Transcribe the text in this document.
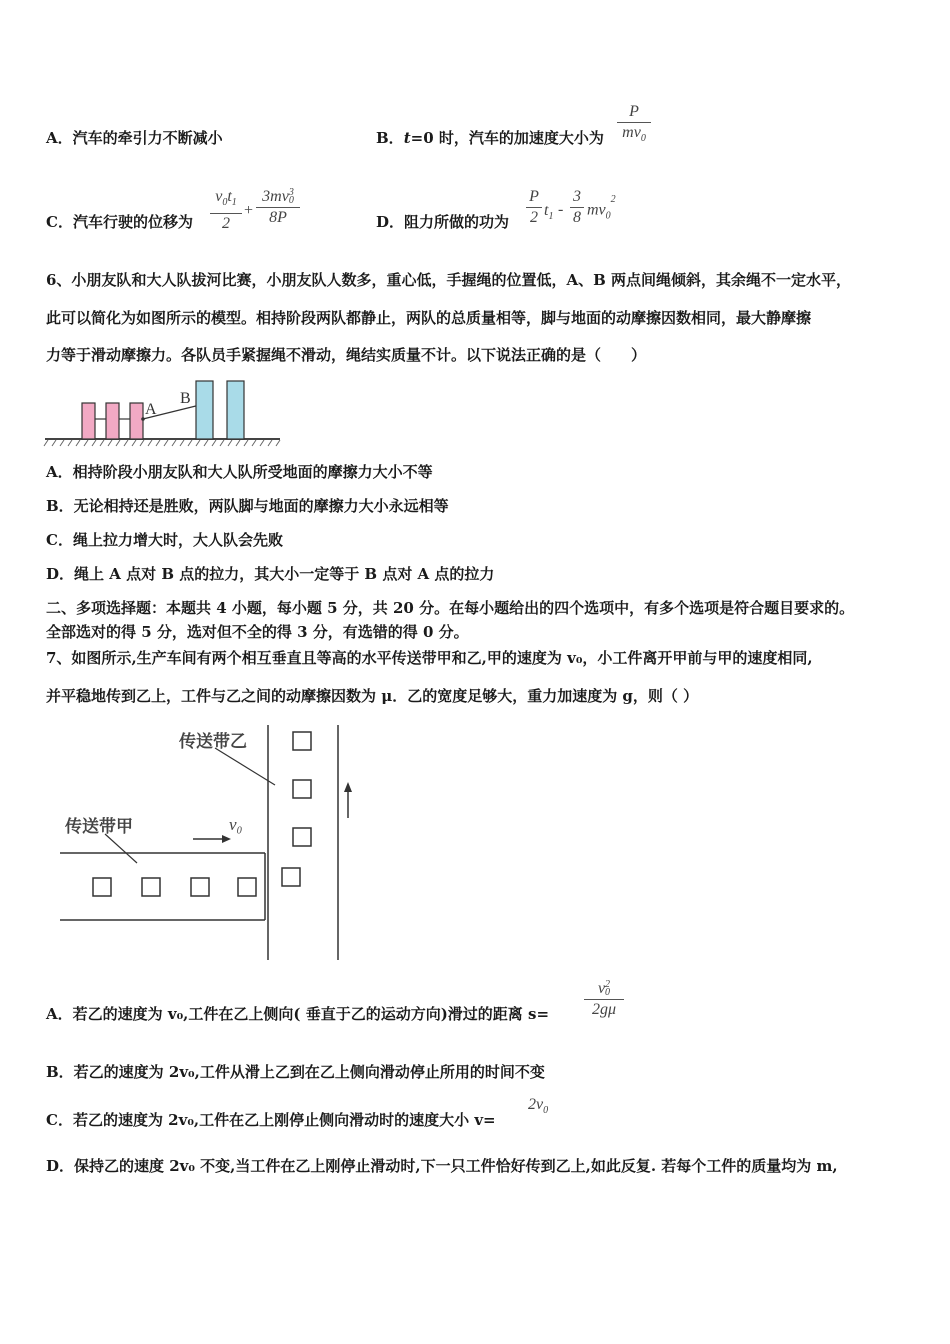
A．汽车的牵引力不断减小	B．t=0 时，汽车的加速度大小为
P
$mv_0$
C．汽车行驶的位移为
$v_0t_1$
2
+
3mv 3
0
8P	D．阻力所做的功为
P
2 $t_1$ -
3
8 $mv_0^2$
6、小朋友队和大人队拔河比赛，小朋友队人数多，重心低，手握绳的位置低，A、B 两点间绳倾斜，其余绳不一定水平，
此可以简化为如图所示的模型。相持阶段两队都静止，两队的总质量相等，脚与地面的动摩擦因数相同，最大静摩擦
力等于滑动摩擦力。各队员手紧握绳不滑动，绳结实质量不计。以下说法正确的是（　　）
A
B
A．相持阶段小朋友队和大人队所受地面的摩擦力大小不等
B．无论相持还是胜败，两队脚与地面的摩擦力大小永远相等
C．绳上拉力增大时，大人队会先败
D．绳上 A 点对 B 点的拉力，其大小一定等于 B 点对 A 点的拉力
二、多项选择题：本题共 4 小题，每小题 5 分，共 20 分。在每小题给出的四个选项中，有多个选项是符合题目要求的。
全部选对的得 5 分，选对但不全的得 3 分，有选错的得 0 分。
7、如图所示,生产车间有两个相互垂直且等高的水平传送带甲和乙,甲的速度为 v₀，小工件离开甲前与甲的速度相同,
并平稳地传到乙上，工件与乙之间的动摩擦因数为 μ．乙的宽度足够大，重力加速度为 g，则（ ）
传送带乙
传送带甲	v₀
A．若乙的速度为 v₀,工件在乙上侧向( 垂直于乙的运动方向)滑过的距离 s=
v 2
0
2gμ
B．若乙的速度为 2v₀,工件从滑上乙到在乙上侧向滑动停止所用的时间不变
C．若乙的速度为 2v₀,工件在乙上刚停止侧向滑动时的速度大小 v=
$2v_0$
D．保持乙的速度 2v₀ 不变,当工件在乙上刚停止滑动时,下一只工件恰好传到乙上,如此反复. 若每个工件的质量均为 m,
